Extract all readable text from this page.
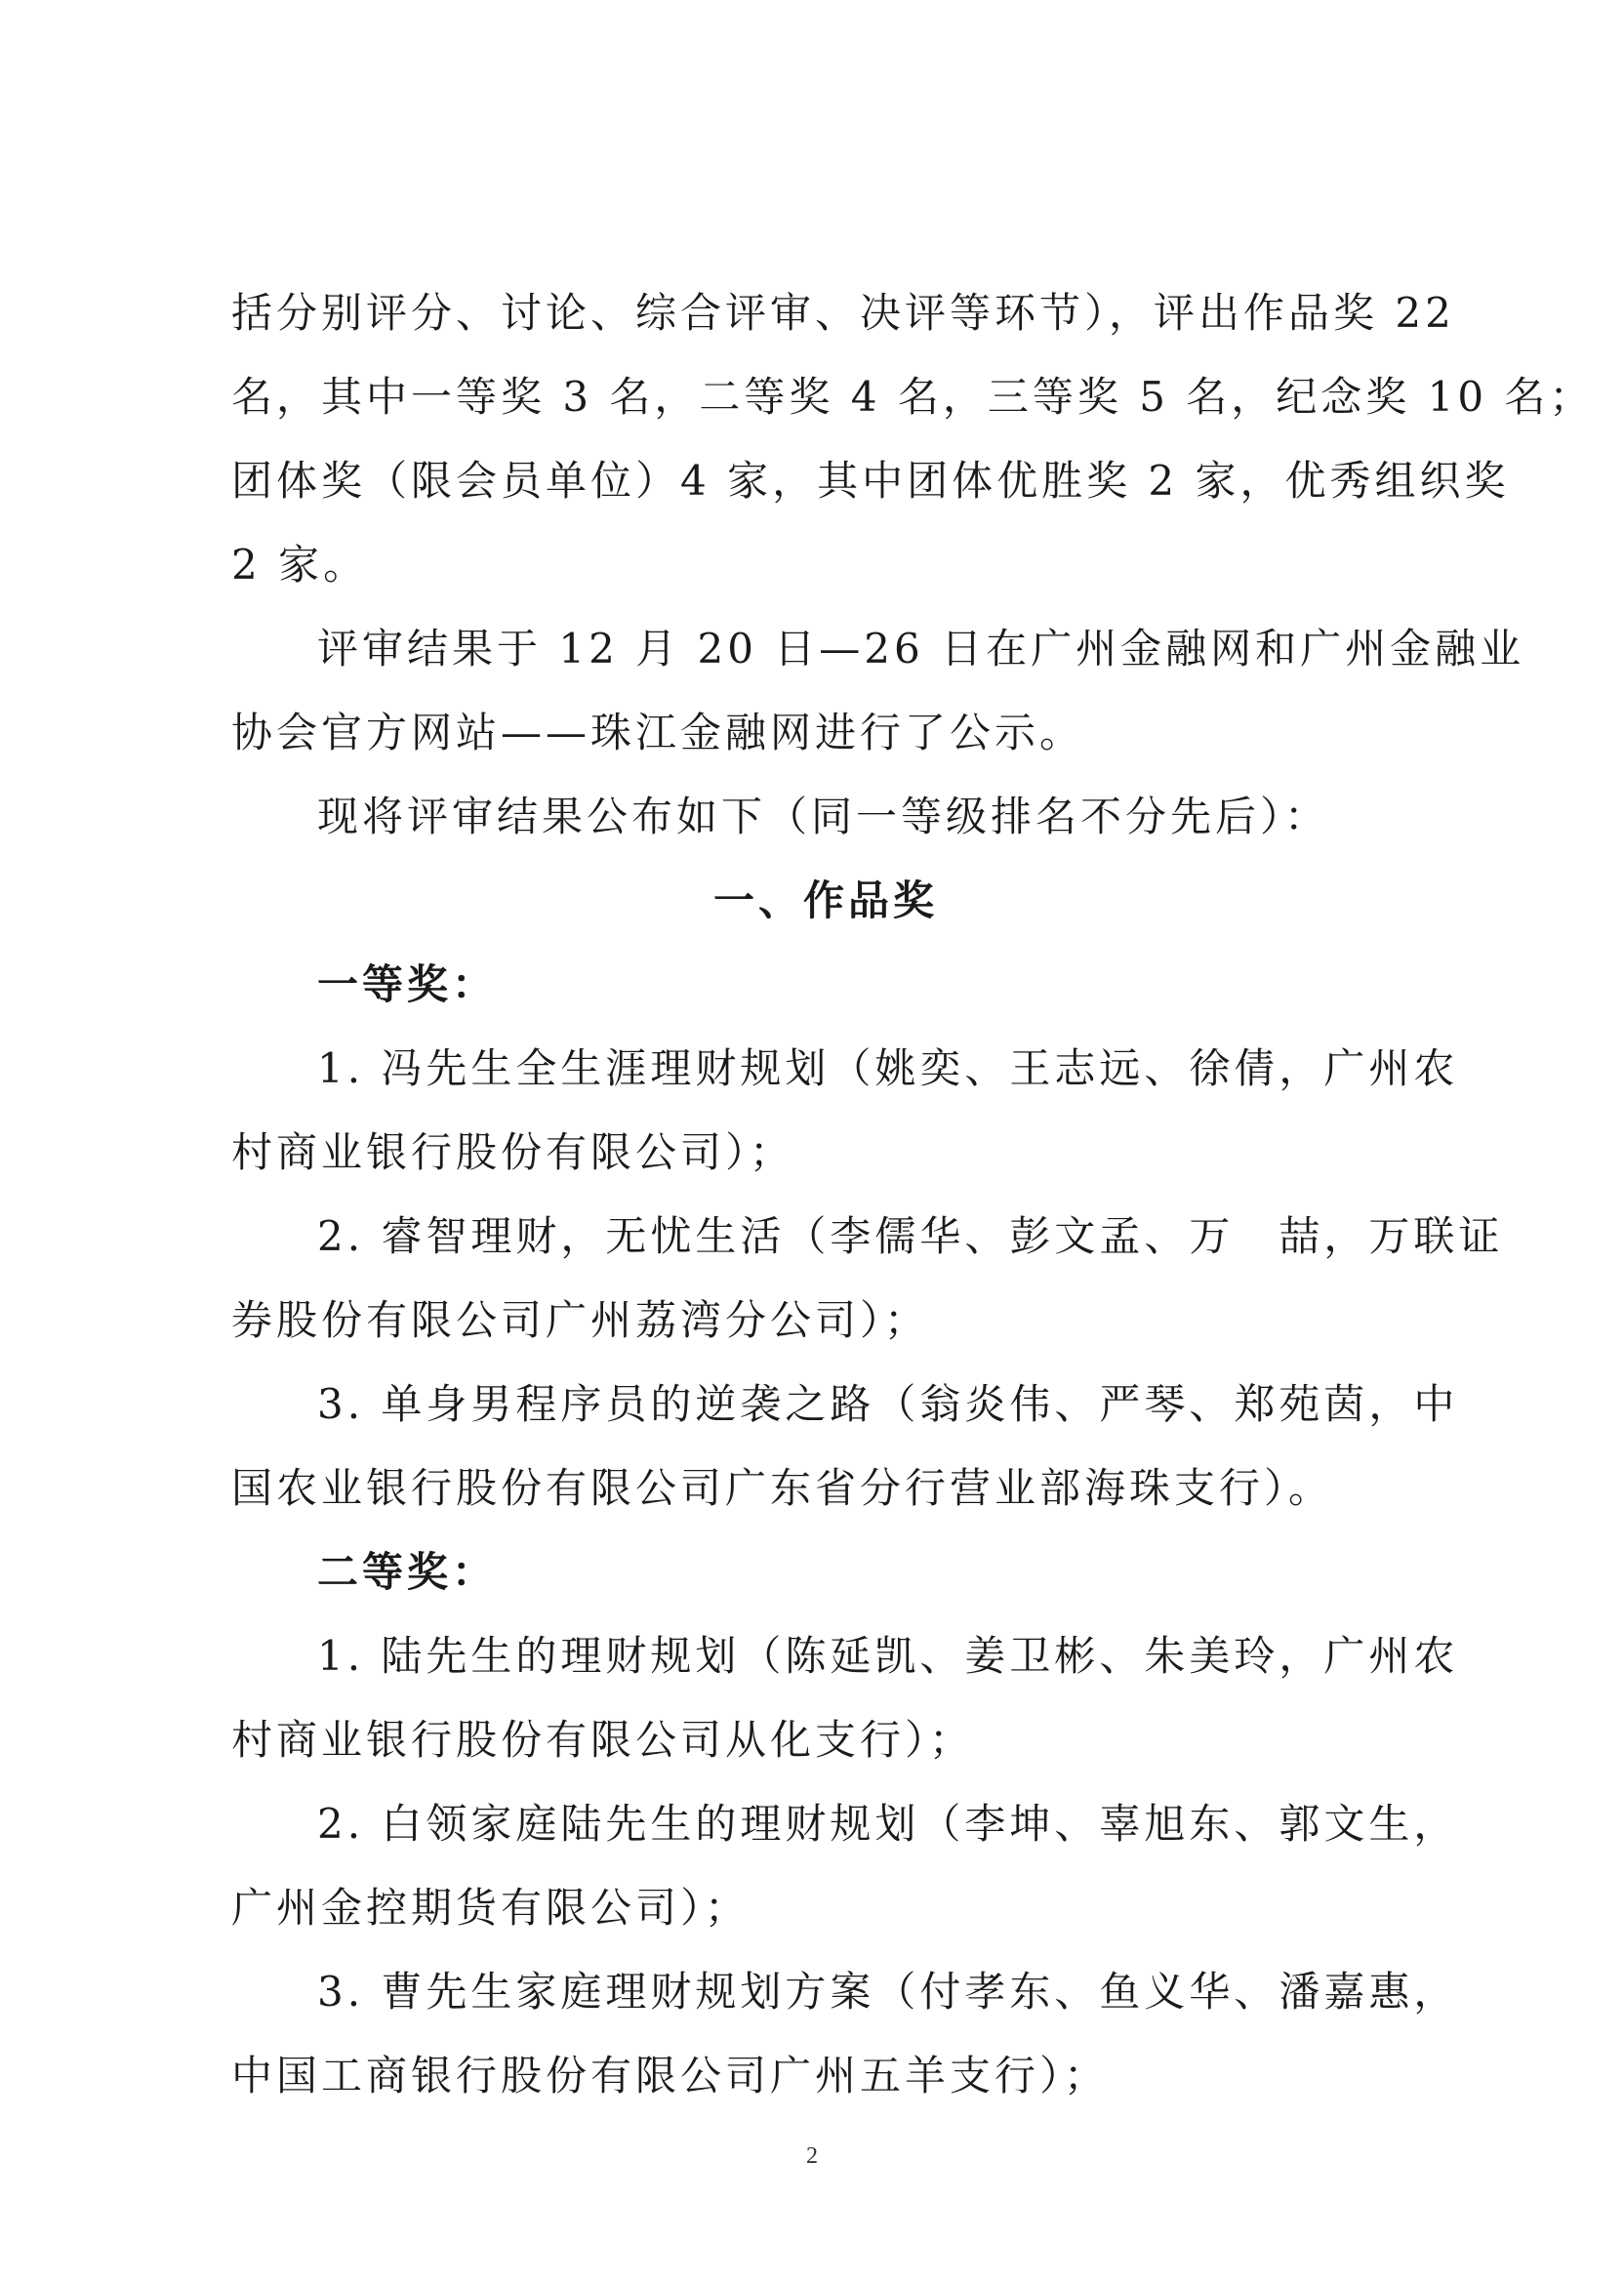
括分别评分、讨论、综合评审、决评等环节），评出作品奖 22
名，其中一等奖 3 名，二等奖 4 名，三等奖 5 名，纪念奖 10 名；
团体奖（限会员单位）4 家，其中团体优胜奖 2 家，优秀组织奖
2 家。
评审结果于 12 月 20 日—26 日在广州金融网和广州金融业
协会官方网站——珠江金融网进行了公示。
现将评审结果公布如下（同一等级排名不分先后）：
一、作品奖
一等奖：
1. 冯先生全生涯理财规划（姚奕、王志远、徐倩，广州农
村商业银行股份有限公司）；
2. 睿智理财，无忧生活（李儒华、彭文孟、万　喆，万联证
券股份有限公司广州荔湾分公司）；
3. 单身男程序员的逆袭之路（翁炎伟、严琴、郑苑茵，中
国农业银行股份有限公司广东省分行营业部海珠支行）。
二等奖：
1. 陆先生的理财规划（陈延凯、姜卫彬、朱美玲，广州农
村商业银行股份有限公司从化支行）；
2. 白领家庭陆先生的理财规划（李坤、辜旭东、郭文生，
广州金控期货有限公司）；
3. 曹先生家庭理财规划方案（付孝东、鱼义华、潘嘉惠，
中国工商银行股份有限公司广州五羊支行）；
2
